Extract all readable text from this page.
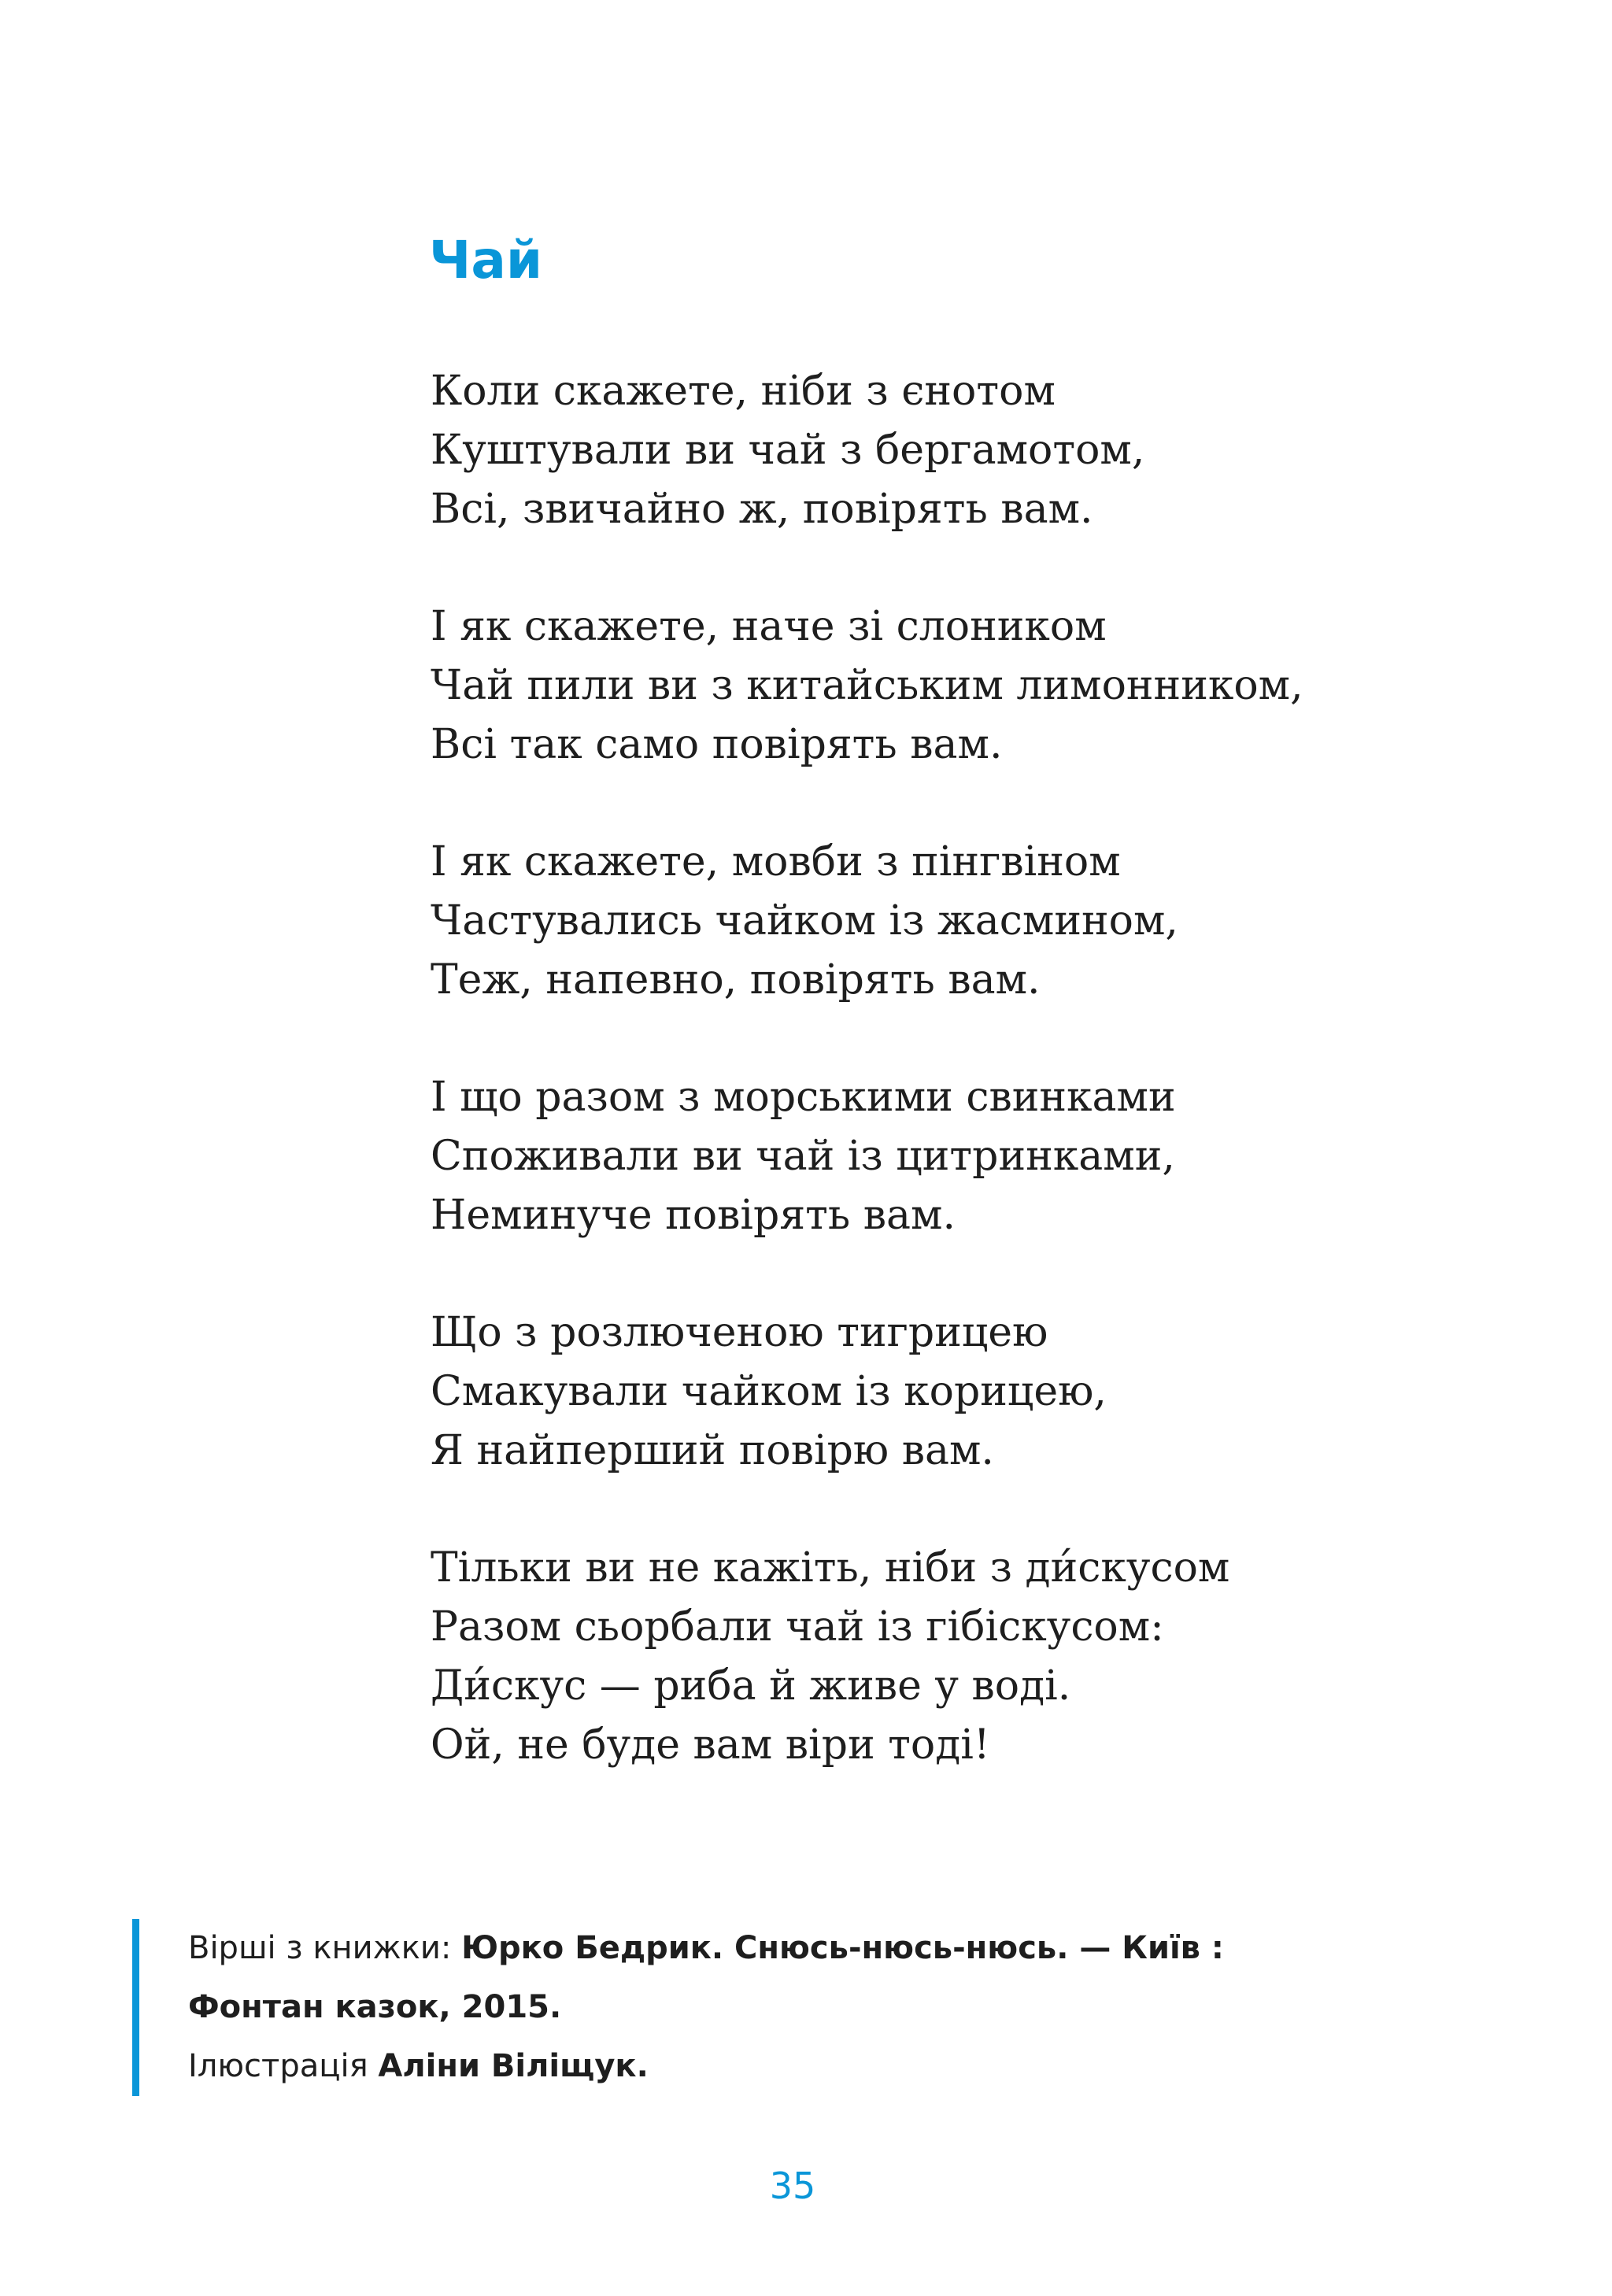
Чай
Коли скажете, ніби з єнотом
Куштували ви чай з бергамотом,
Всі, звичайно ж, повірять вам.
І як скажете, наче зі слоником
Чай пили ви з китайським лимонником,
Всі так само повірять вам.
І як скажете, мовби з пінгвіном
Частувались чайком із жасмином,
Теж, напевно, повірять вам.
І що разом з морськими свинками
Споживали ви чай із цитринками,
Неминуче повірять вам.
Що з розлюченою тигрицею
Смакували чайком із корицею,
Я найперший повірю вам.
Тільки ви не кажіть, ніби з ди́скусом
Разом сьорбали чай із гібіскусом:
Ди́скус — риба й живе у воді.
Ой, не буде вам віри тоді!
Вірші з книжки: Юрко Бедрик. Снюсь-нюсь-нюсь. — Київ :
Фонтан казок, 2015.
Ілюстрація Аліни Віліщук.
35
